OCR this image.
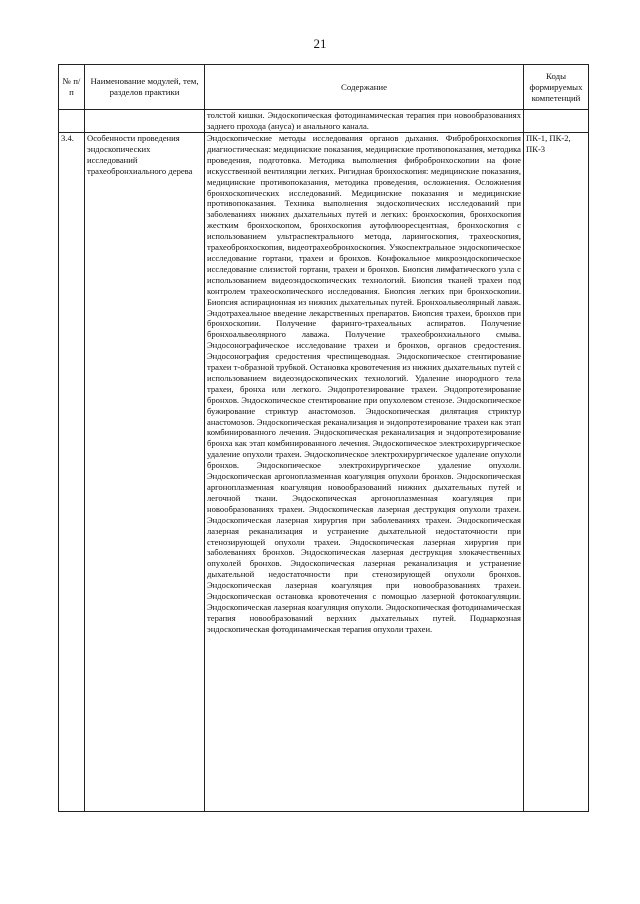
21
№ п/п	Наименование модулей, тем, разделов практики	Содержание	Коды формируемых компетенций
		толстой кишки. Эндоскопическая фотодинамическая терапия при новообразованиях заднего прохода (ануса) и анального канала.	
3.4.	Особенности проведения эндоскопических исследований трахеобронхиального дерева	Эндоскопические методы исследования органов дыхания. Фибробронхоскопия диагностическая: медицинские показания, медицинские противопоказания, методика проведения, подготовка. Методика выполнения фибробронхоскопии на фоне искусственной вентиляции легких. Ригидная бронхоскопия: медицинские показания, медицинские противопоказания, методика проведения, осложнения. Осложнения бронхоскопических исследований. Медицинские показания и медицинские противопоказания. Техника выполнения эндоскопических исследований при заболеваниях нижних дыхательных путей и легких: бронхоскопия, бронхоскопия жестким бронхоскопом, бронхоскопия аутофлюоресцентная, бронхоскопия с использованием ультраспектрального метода, ларингоскопия, трахеоскопия, трахеобронхоскопия, видеотрахеобронхоскопия. Узкоспектральное эндоскопическое исследование гортани, трахеи и бронхов. Конфокальное микроэндоскопическое исследование слизистой гортани, трахеи и бронхов. Биопсия лимфатического узла с использованием видеоэндоскопических технологий. Биопсия тканей трахеи под контролем трахеоскопического исследования. Биопсия легких при бронхоскопии. Биопсия аспирационная из нижних дыхательных путей. Бронхоальвеолярный лаваж. Эндотрахеальное введение лекарственных препаратов. Биопсия трахеи, бронхов при бронхоскопии. Получение фаринго-трахеальных аспиратов. Получение бронхоальвеолярного лаважа. Получение трахеобронхиального смыва. Эндосонографическое исследование трахеи и бронхов, органов средостения. Эндосонография средостения чреспищеводная. Эндоскопическое стентирование трахеи т-образной трубкой. Остановка кровотечения из нижних дыхательных путей с использованием видеоэндоскопических технологий. Удаление инородного тела трахеи, бронха или легкого. Эндопротезирование трахеи. Эндопротезирование бронхов. Эндоскопическое стентирование при опухолевом стенозе. Эндоскопическое бужирование стриктур анастомозов. Эндоскопическая дилятация стриктур анастомозов. Эндоскопическая реканализация и эндопротезирование трахеи как этап комбинированного лечения. Эндоскопическая реканализация и эндопротезирование бронха как этап комбинированного лечения. Эндоскопическое электрохирургическое удаление опухоли трахеи. Эндоскопическое электрохирургическое удаление опухоли бронхов. Эндоскопическое электрохирургическое удаление опухоли. Эндоскопическая аргоноплазменная коагуляция опухоли бронхов. Эндоскопическая аргоноплазменная коагуляция новообразований нижних дыхательных путей и легочной ткани. Эндоскопическая аргоноплазменная коагуляция при новообразованиях трахеи. Эндоскопическая лазерная деструкция опухоли трахеи. Эндоскопическая лазерная хирургия при заболеваниях трахеи. Эндоскопическая лазерная реканализация и устранение дыхательной недостаточности при стенозирующей опухоли трахеи. Эндоскопическая лазерная хирургия при заболеваниях бронхов. Эндоскопическая лазерная деструкция злокачественных опухолей бронхов. Эндоскопическая лазерная реканализация и устранение дыхательной недостаточности при стенозирующей опухоли бронхов. Эндоскопическая лазерная коагуляция при новообразованиях трахеи. Эндоскопическая остановка кровотечения с помощью лазерной фотокоагуляции. Эндоскопическая лазерная коагуляция опухоли. Эндоскопическая фотодинамическая терапия новообразований верхних дыхательных путей. Поднаркозная эндоскопическая фотодинамическая терапия опухоли трахеи.	ПК-1, ПК-2, ПК-3
